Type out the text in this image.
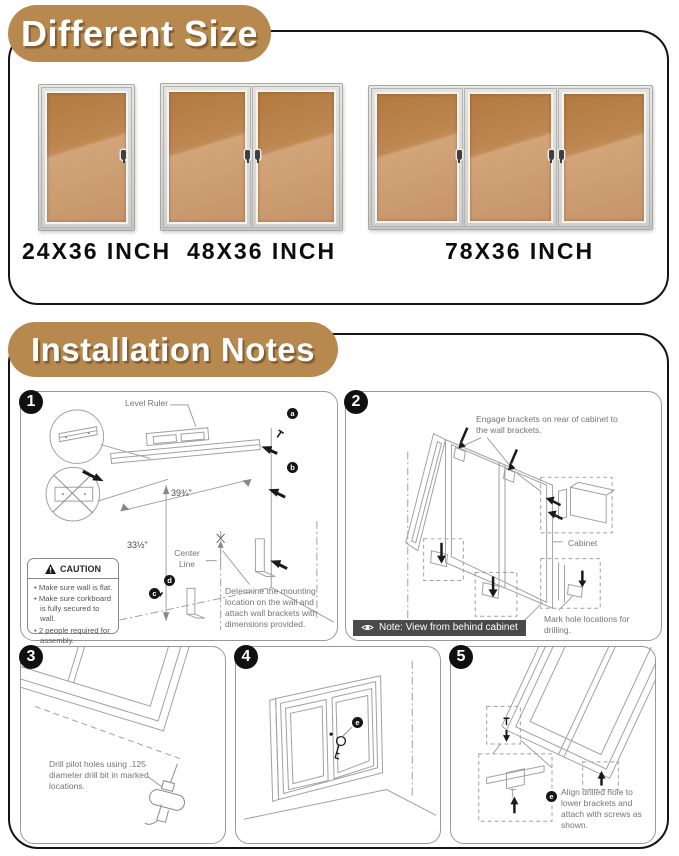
Different Size
24X36 INCH 48X36 INCH	78X36 INCH
Installation Notes
1	Level Ruler
a
b
c
d
39¾"
33½"
Center Line
CAUTION
• Make sure wall is flat.
• Make sure corkboard is fully secured to wall.
• 2 people required for assembly.
Determine the mounting location on the wall and attach wall brackets with dimensions provided.
2
Engage brackets on rear of cabinet to the wall brackets.
Cabinet
Mark hole locations for drilling.
Note: View from behind cabinet
3
Drill pilot holes using .125 diameter drill bit in marked locations.
4
e
5
e Align drilled hole to lower brackets and attach with screws as shown.
